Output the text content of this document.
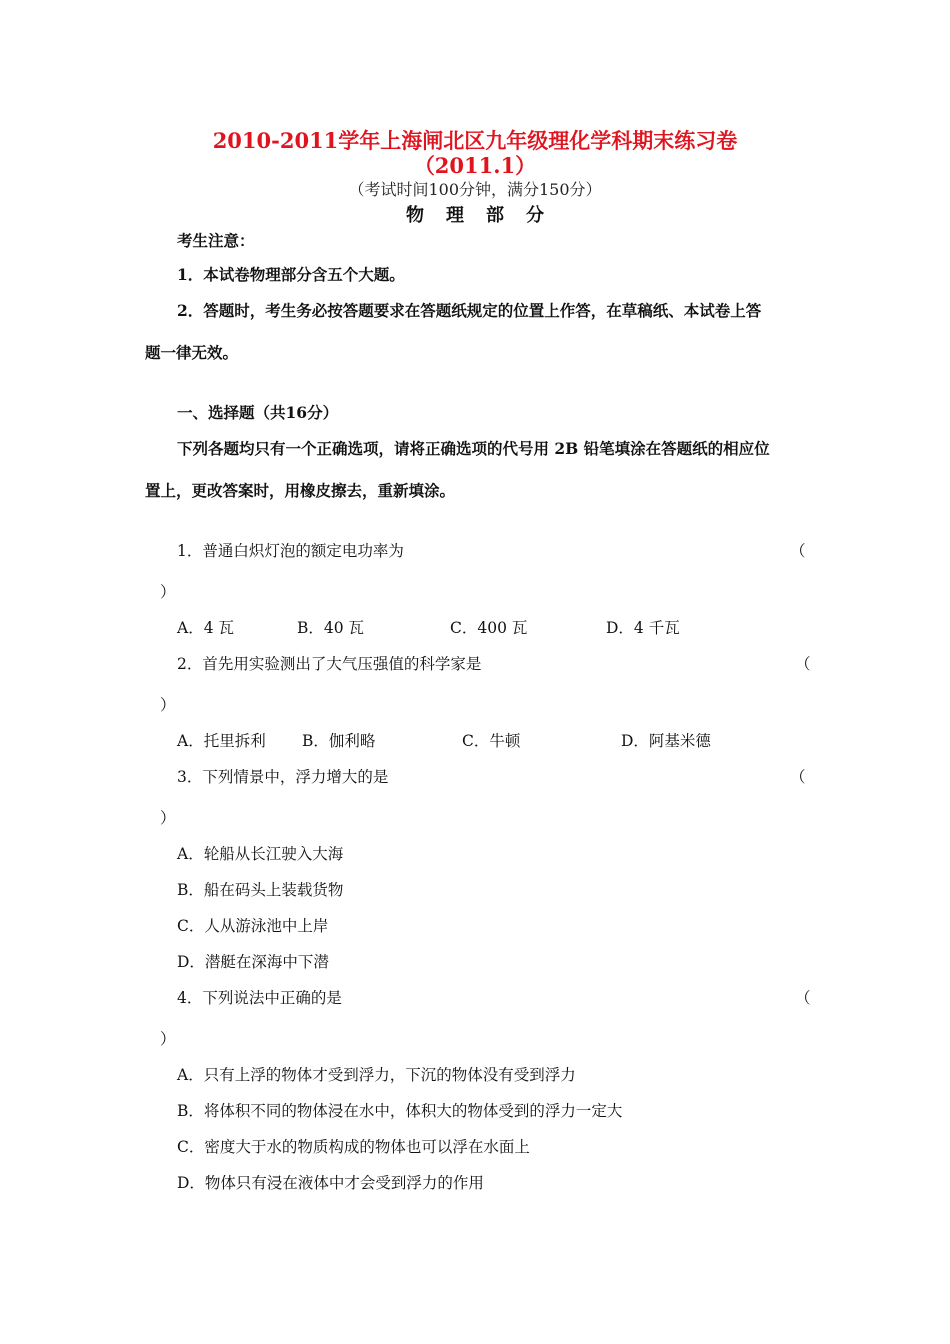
2010-2011学年上海闸北区九年级理化学科期末练习卷
（2011.1）
（考试时间100分钟，满分150分）
物理部分
考生注意：
1．本试卷物理部分含五个大题。
2．答题时，考生务必按答题要求在答题纸规定的位置上作答，在草稿纸、本试卷上答
题一律无效。
一、选择题（共16分）
下列各题均只有一个正确选项，请将正确选项的代号用 2B 铅笔填涂在答题纸的相应位
置上，更改答案时，用橡皮擦去，重新填涂。
1．普通白炽灯泡的额定电功率为	（
）
A．4 瓦	B．40 瓦	C．400 瓦	D．4 千瓦
2．首先用实验测出了大气压强值的科学家是	（
）
A．托里拆利 B．伽利略	C．牛顿	D．阿基米德
3．下列情景中，浮力增大的是	（
）
A．轮船从长江驶入大海
B．船在码头上装载货物
C．人从游泳池中上岸
D．潜艇在深海中下潜
4．下列说法中正确的是	（
）
A．只有上浮的物体才受到浮力，下沉的物体没有受到浮力
B．将体积不同的物体浸在水中，体积大的物体受到的浮力一定大
C．密度大于水的物质构成的物体也可以浮在水面上
D．物体只有浸在液体中才会受到浮力的作用
